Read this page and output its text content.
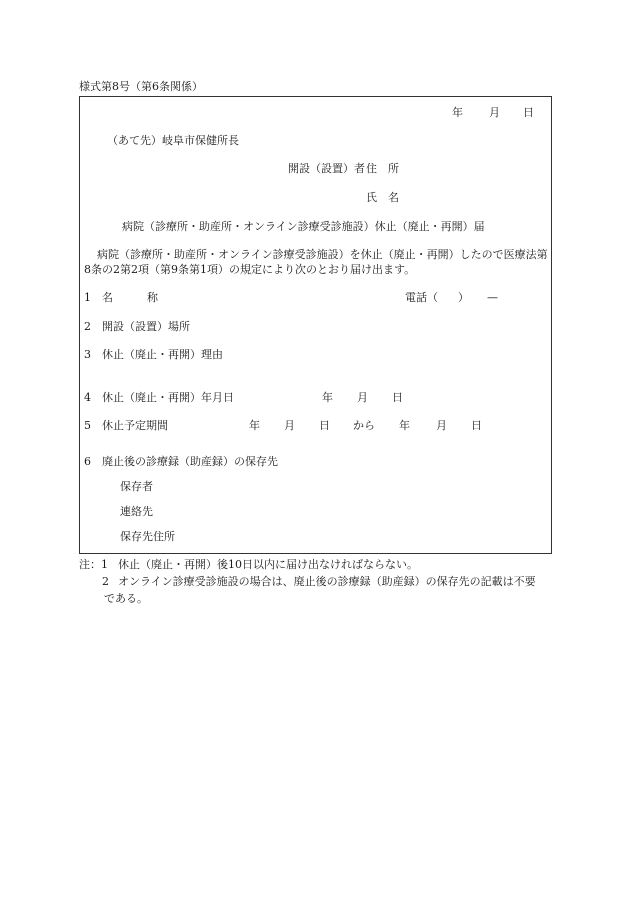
様式第8号（第6条関係）
年 月 日
（あて先）岐阜市保健所長
開設（設置）者 住　所
氏　名
病院（診療所・助産所・オンライン診療受診施設）休止（廃止・再開）届
病院（診療所・助産所・オンライン診療受診施設）を休止（廃止・再開）したので医療法第
8条の2第2項（第9条第1項）の規定により次のとおり届け出ます。
1 名	称	電話（ ） —
2 開設（設置）場所
3 休止（廃止・再開）理由
4 休止（廃止・再開）年月日	年 月 日
5 休止予定期間	年 月 日 から 年 月 日
6 廃止後の診療録（助産録）の保存先
保存者
連絡先
保存先住所
注：1 休止（廃止・再開）後10日以内に届け出なければならない。
2 オンライン診療受診施設の場合は、廃止後の診療録（助産録）の保存先の記載は不要
である。
